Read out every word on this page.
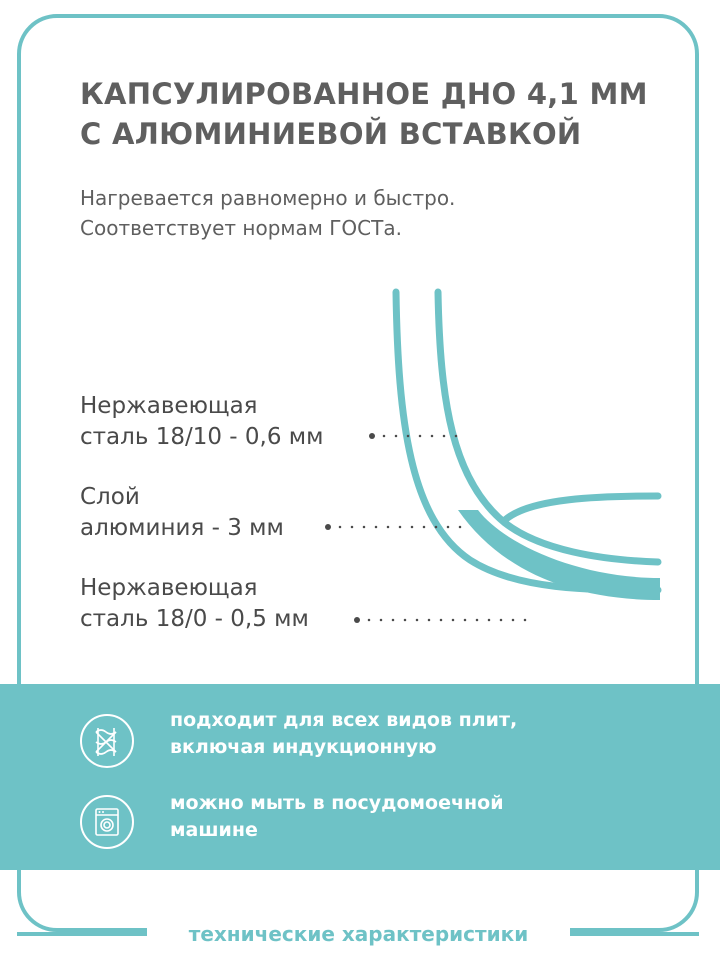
КАПСУЛИРОВАННОЕ ДНО 4,1 ММ
С АЛЮМИНИЕВОЙ ВСТАВКОЙ

Нагревается равномерно и быстро.
Соответствует нормам ГОСТа.

Нержавеющая
сталь 18/10 - 0,6 мм

Слой
алюминия - 3 мм

Нержавеющая
сталь 18/0 - 0,5 мм

подходит для всех видов плит,
включая индукционную

можно мыть в посудомоечной
машине

технические характеристики
